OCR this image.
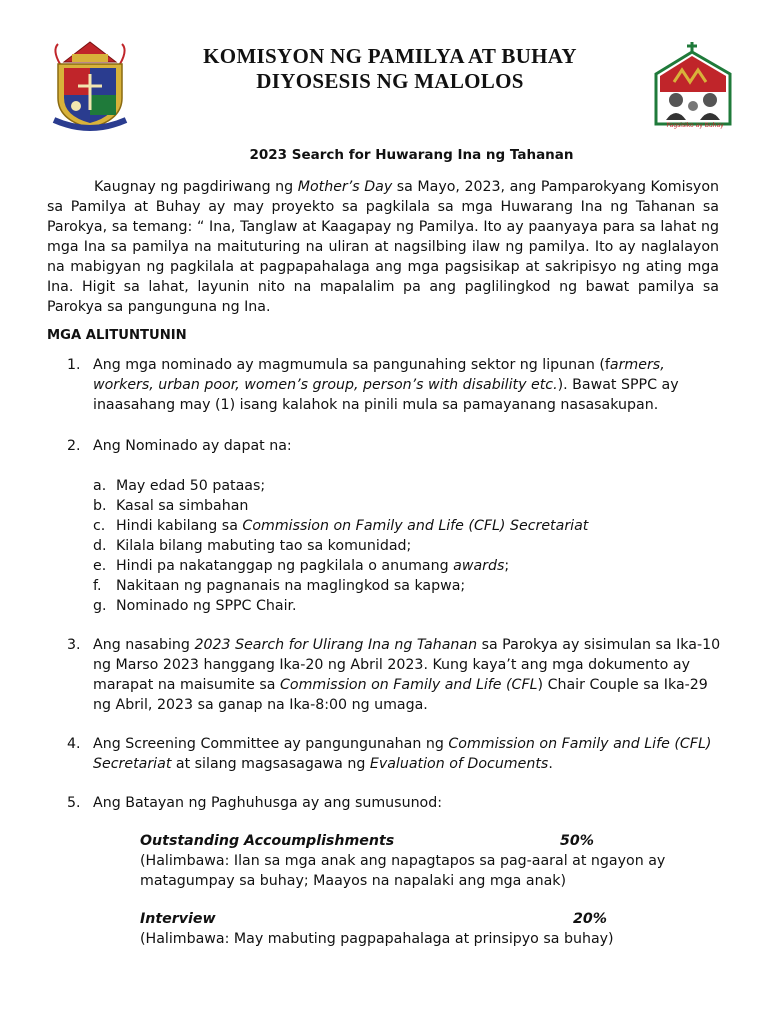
Pagsisiko ay Buhay
KOMISYON NG PAMILYA AT BUHAY
DIYOSESIS NG MALOLOS
2023 Search for Huwarang Ina ng Tahanan
Kaugnay ng pagdiriwang ng Mother’s Day sa Mayo, 2023, ang Pamparokyang Komisyon sa Pamilya at Buhay ay may proyekto sa pagkilala sa mga Huwarang Ina ng Tahanan sa Parokya, sa temang: “ Ina, Tanglaw at Kaagapay ng Pamilya. Ito ay paanyaya para sa lahat ng mga Ina sa pamilya na maituturing na uliran at nagsilbing ilaw ng pamilya. Ito ay naglalayon na mabigyan ng pagkilala at pagpapahalaga ang mga pagsisikap at sakripisyo ng ating mga Ina. Higit sa lahat, layunin nito na mapalalim pa ang paglilingkod ng bawat pamilya sa Parokya sa pangunguna ng Ina.
MGA ALITUNTUNIN
1. Ang mga nominado ay magmumula sa pangunahing sektor ng lipunan (farmers, workers, urban poor, women’s group, person’s with disability etc.). Bawat SPPC ay inaasahang may (1) isang kalahok na pinili mula sa pamayanang nasasakupan.
2. Ang Nominado ay dapat na:
a. May edad 50 pataas;
b. Kasal sa simbahan
c. Hindi kabilang sa Commission on Family and Life (CFL) Secretariat
d. Kilala bilang mabuting tao sa komunidad;
e. Hindi pa nakatanggap ng pagkilala o anumang awards;
f.	Nakitaan ng pagnanais na maglingkod sa kapwa;
g. Nominado ng SPPC Chair.
3. Ang nasabing 2023 Search for Ulirang Ina ng Tahanan sa Parokya ay sisimulan sa Ika-10 ng Marso 2023 hanggang Ika-20 ng Abril 2023. Kung kaya’t ang mga dokumento ay marapat na maisumite sa Commission on Family and Life (CFL) Chair Couple sa Ika-29 ng Abril, 2023 sa ganap na Ika-8:00 ng umaga.
4. Ang Screening Committee ay pangungunahan ng Commission on Family and Life (CFL) Secretariat at silang magsasagawa ng Evaluation of Documents.
5. Ang Batayan ng Paghuhusga ay ang sumusunod:
Outstanding Accoumplishments	50%
(Halimbawa: Ilan sa mga anak ang napagtapos sa pag-aaral at ngayon ay matagumpay sa buhay; Maayos na napalaki ang mga anak)
Interview	20%
(Halimbawa: May mabuting pagpapahalaga at prinsipyo sa buhay)
